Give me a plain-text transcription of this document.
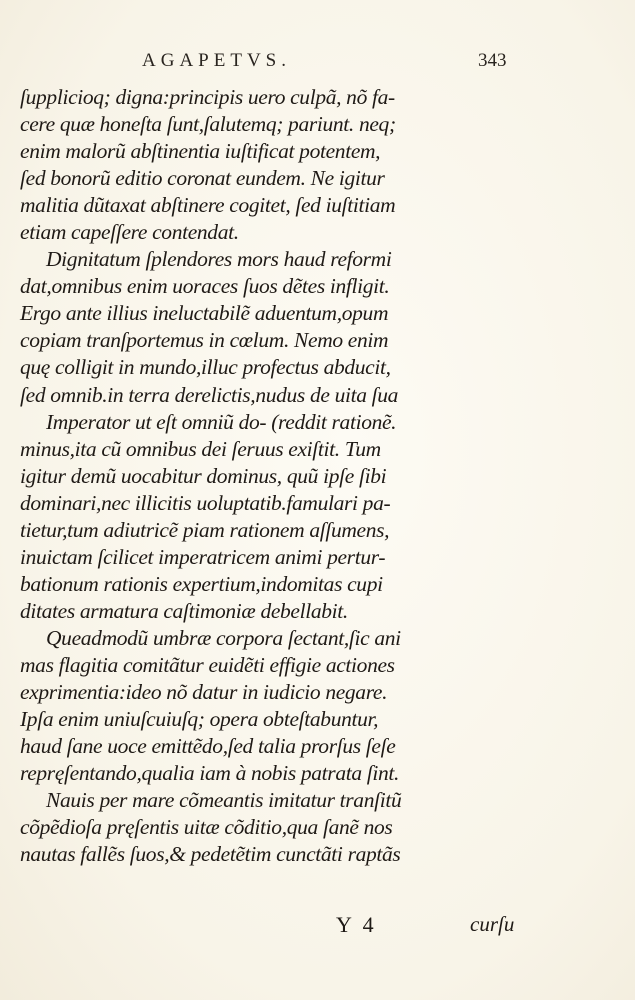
AGAPETVS.	343
ſupplicioq; digna:principis uero culpã, nõ fa-
cere quæ honeſta ſunt,ſalutemq; pariunt. neq;
enim malorũ abſtinentia iuſtificat potentem,
ſed bonorũ editio coronat eundem. Ne igitur
malitia dũtaxat abſtinere cogitet, ſed iuſtitiam
etiam capeſſere contendat.
Dignitatum ſplendores mors haud reformi
dat,omnibus enim uoraces ſuos dẽtes infligit.
Ergo ante illius ineluctabilẽ aduentum,opum
copiam tranſportemus in cœlum. Nemo enim
quę colligit in mundo,illuc profectus abducit,
ſed omnib.in terra derelictis,nudus de uita ſua
Imperator ut eſt omniũ do- (reddit rationẽ.
minus,ita cũ omnibus dei ſeruus exiſtit. Tum
igitur demũ uocabitur dominus, quũ ipſe ſibi
dominari,nec illicitis uoluptatib.famulari pa-
tietur,tum adiutricẽ piam rationem aſſumens,
inuictam ſcilicet imperatricem animi pertur-
bationum rationis expertium,indomitas cupi
ditates armatura caſtimoniæ debellabit.
Queadmodũ umbræ corpora ſectant,ſic ani
mas flagitia comitãtur euidẽti effigie actiones
exprimentia:ideo nõ datur in iudicio negare.
Ipſa enim uniuſcuiuſq; opera obteſtabuntur,
haud ſane uoce emittẽdo,ſed talia prorſus ſeſe
repręſentando,qualia iam à nobis patrata ſint.
Nauis per mare cõmeantis imitatur tranſitũ
cõpẽdioſa pręſentis uitæ cõditio,qua ſanẽ nos
nautas fallẽs ſuos,& pedetẽtim cunctãti raptãs
Y 4	curſu
